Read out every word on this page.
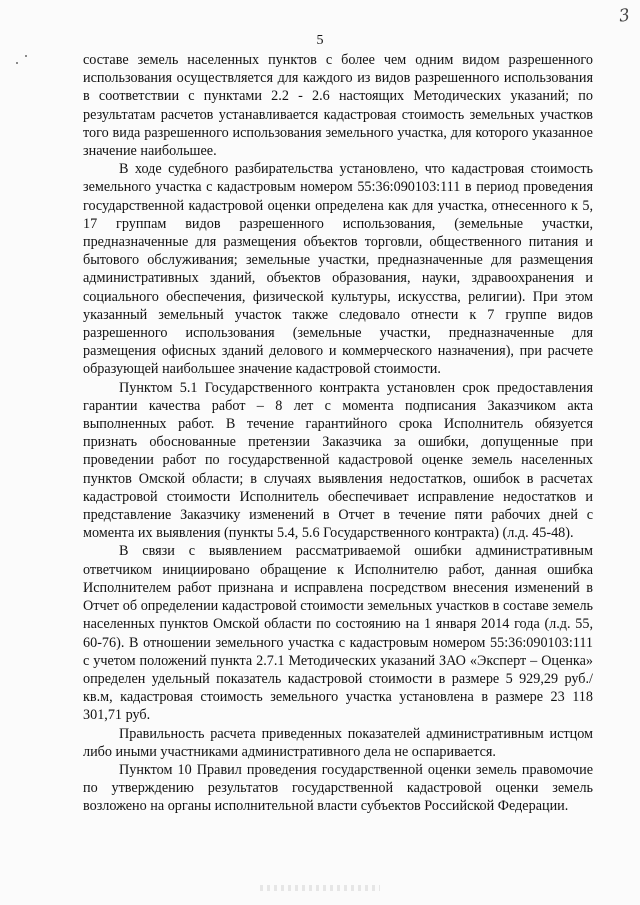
3
5

составе земель населенных пунктов с более чем одним видом разрешенного использования осуществляется для каждого из видов разрешенного использования в соответствии с пунктами 2.2 - 2.6 настоящих Методических указаний; по результатам расчетов устанавливается кадастровая стоимость земельных участков того вида разрешенного использования земельного участка, для которого указанное значение наибольшее.

В ходе судебного разбирательства установлено, что кадастровая стоимость земельного участка с кадастровым номером 55:36:090103:111 в период проведения государственной кадастровой оценки определена как для участка, отнесенного к 5, 17 группам видов разрешенного использования, (земельные участки, предназначенные для размещения объектов торговли, общественного питания и бытового обслуживания; земельные участки, предназначенные для размещения административных зданий, объектов образования, науки, здравоохранения и социального обеспечения, физической культуры, искусства, религии). При этом указанный земельный участок также следовало отнести к 7 группе видов разрешенного использования (земельные участки, предназначенные для размещения офисных зданий делового и коммерческого назначения), при расчете образующей наибольшее значение кадастровой стоимости.

Пунктом 5.1 Государственного контракта установлен срок предоставления гарантии качества работ – 8 лет с момента подписания Заказчиком акта выполненных работ. В течение гарантийного срока Исполнитель обязуется признать обоснованные претензии Заказчика за ошибки, допущенные при проведении работ по государственной кадастровой оценке земель населенных пунктов Омской области; в случаях выявления недостатков, ошибок в расчетах кадастровой стоимости Исполнитель обеспечивает исправление недостатков и представление Заказчику изменений в Отчет в течение пяти рабочих дней с момента их выявления (пункты 5.4, 5.6 Государственного контракта) (л.д. 45-48).

В связи с выявлением рассматриваемой ошибки административным ответчиком инициировано обращение к Исполнителю работ, данная ошибка Исполнителем работ признана и исправлена посредством внесения изменений в Отчет об определении кадастровой стоимости земельных участков в составе земель населенных пунктов Омской области по состоянию на 1 января 2014 года (л.д. 55, 60-76). В отношении земельного участка с кадастровым номером 55:36:090103:111 с учетом положений пункта 2.7.1 Методических указаний ЗАО «Эксперт – Оценка» определен удельный показатель кадастровой стоимости в размере 5 929,29 руб./кв.м, кадастровая стоимость земельного участка установлена в размере 23 118 301,71 руб.

Правильность расчета приведенных показателей административным истцом либо иными участниками административного дела не оспаривается.

Пунктом 10 Правил проведения государственной оценки земель правомочие по утверждению результатов государственной кадастровой оценки земель возложено на органы исполнительной власти субъектов Российской Федерации.
